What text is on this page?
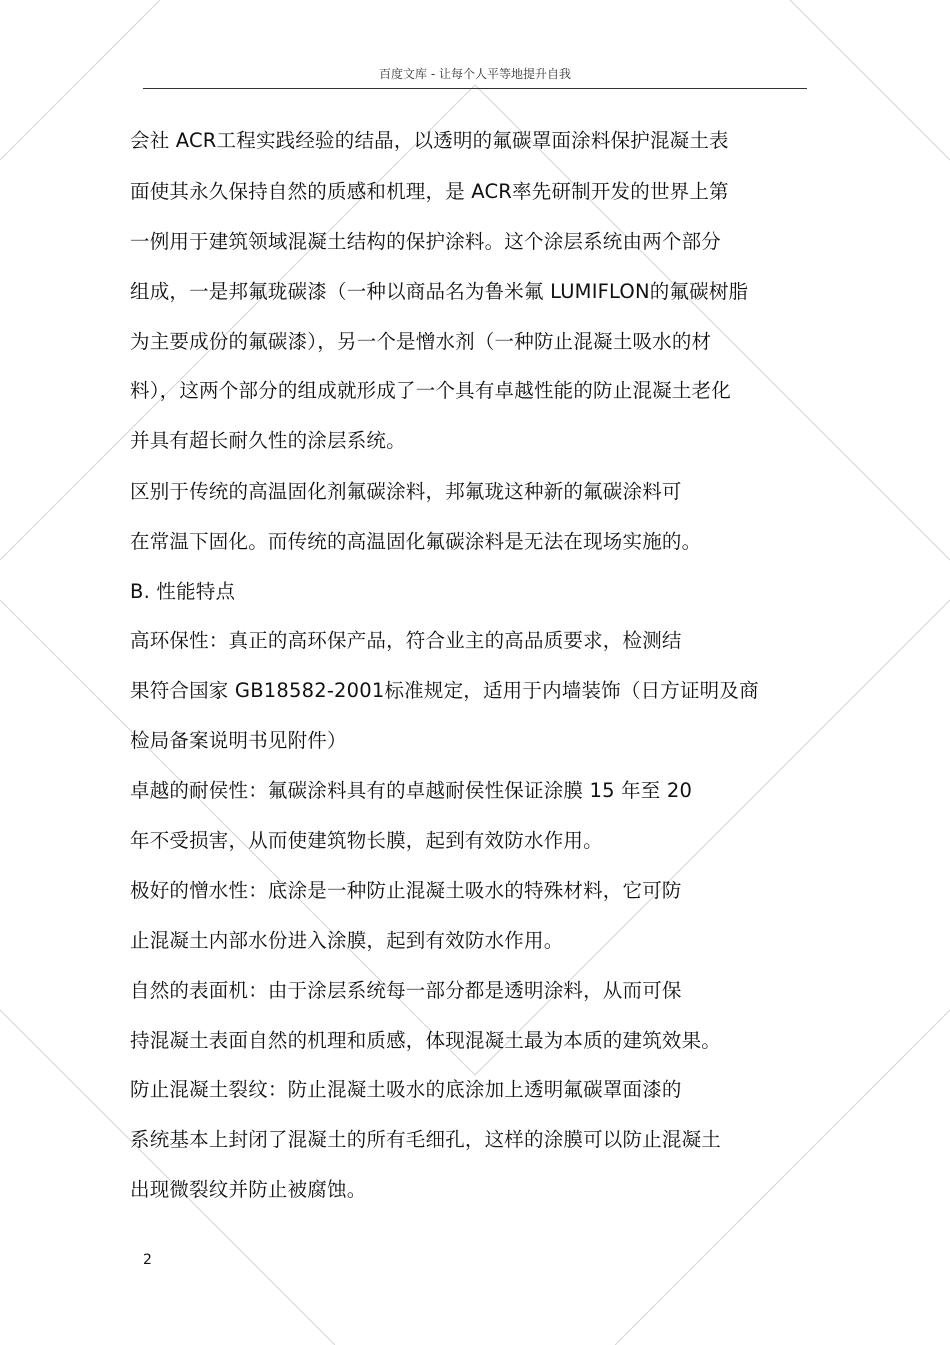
百度文库 - 让每个人平等地提升自我
会社 ACR工程实践经验的结晶，以透明的氟碳罩面涂料保护混凝土表
面使其永久保持自然的质感和机理，是 ACR率先研制开发的世界上第
一例用于建筑领域混凝土结构的保护涂料。这个涂层系统由两个部分
组成，一是邦氟珑碳漆（一种以商品名为鲁米氟 LUMIFLON的氟碳树脂
为主要成份的氟碳漆），另一个是憎水剂（一种防止混凝土吸水的材
料），这两个部分的组成就形成了一个具有卓越性能的防止混凝土老化
并具有超长耐久性的涂层系统。
区别于传统的高温固化剂氟碳涂料，邦氟珑这种新的氟碳涂料可
在常温下固化。而传统的高温固化氟碳涂料是无法在现场实施的。
B. 性能特点
高环保性：真正的高环保产品，符合业主的高品质要求，检测结
果符合国家 GB18582-2001标准规定，适用于内墙装饰（日方证明及商
检局备案说明书见附件）
卓越的耐侯性：氟碳涂料具有的卓越耐侯性保证涂膜 15 年至 20
年不受损害，从而使建筑物长膜，起到有效防水作用。
极好的憎水性：底涂是一种防止混凝土吸水的特殊材料，它可防
止混凝土内部水份进入涂膜，起到有效防水作用。
自然的表面机：由于涂层系统每一部分都是透明涂料，从而可保
持混凝土表面自然的机理和质感，体现混凝土最为本质的建筑效果。
防止混凝土裂纹：防止混凝土吸水的底涂加上透明氟碳罩面漆的
系统基本上封闭了混凝土的所有毛细孔，这样的涂膜可以防止混凝土
出现微裂纹并防止被腐蚀。
2
